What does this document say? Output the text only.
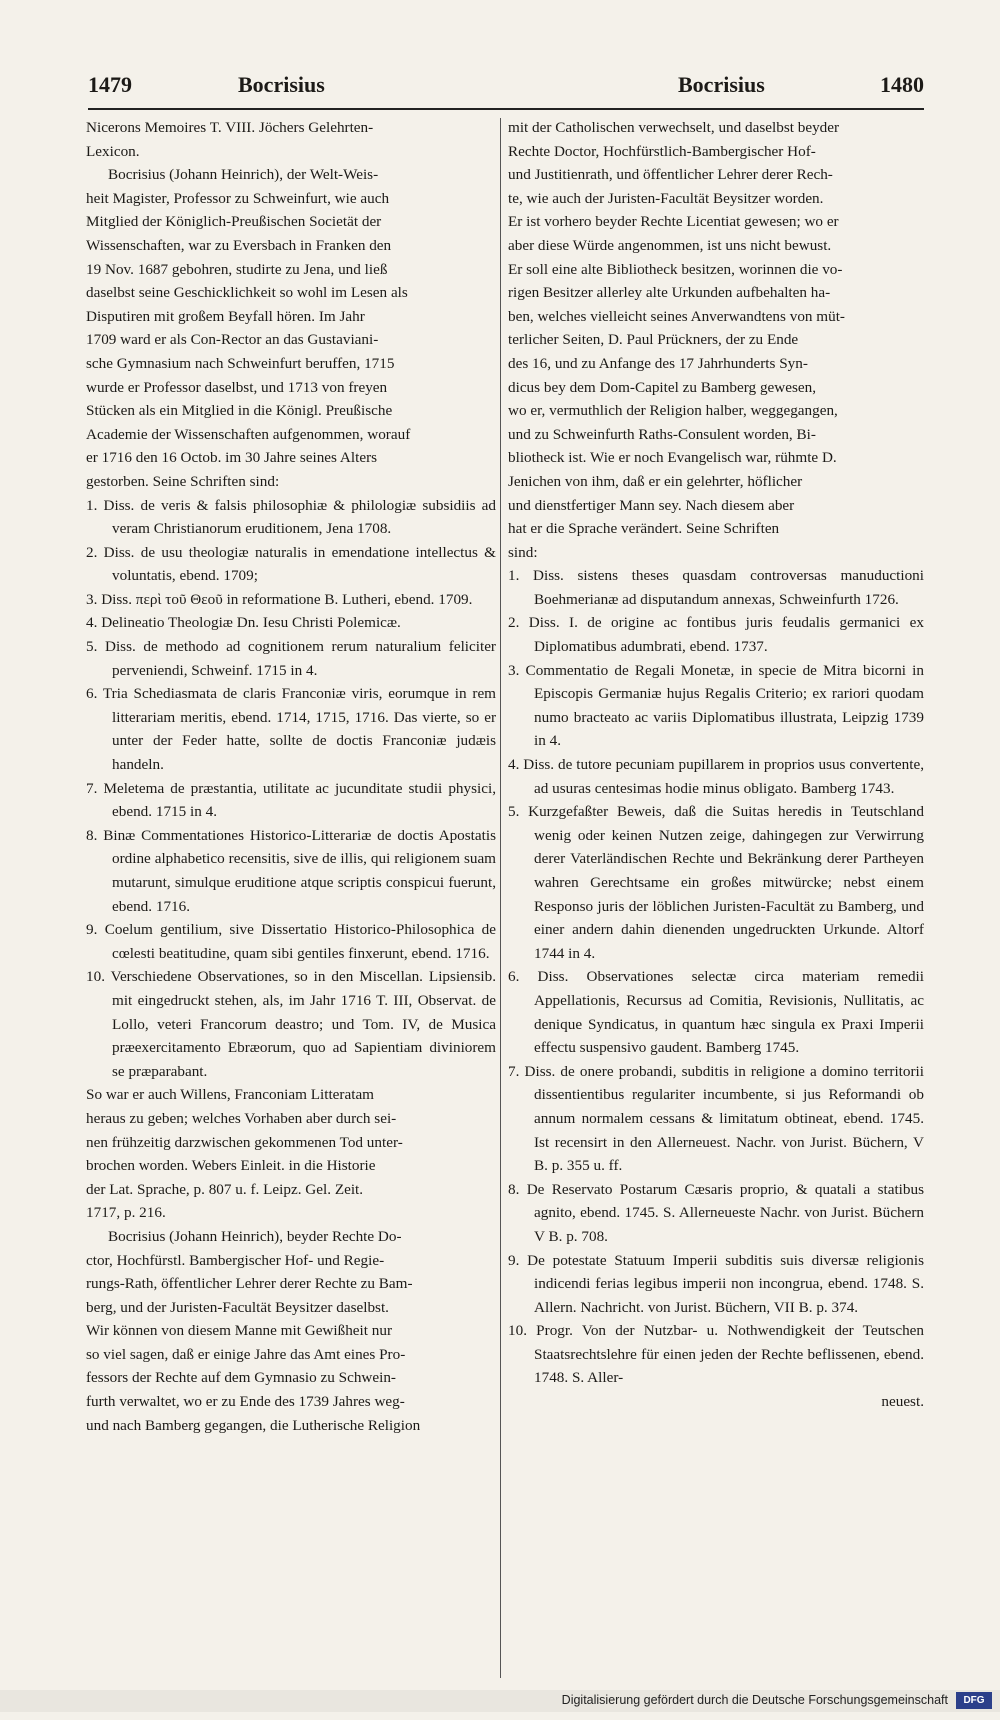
1479	Bocrisius	Bocrisius	1480
Nicerons Memoires T. VIII. Jöchers Gelehrten-
Lexicon.
Bocrisius (Johann Heinrich), der Welt-Weis-
heit Magister, Professor zu Schweinfurt, wie auch
Mitglied der Königlich-Preußischen Societät der
Wissenschaften, war zu Eversbach in Franken den
19 Nov. 1687 gebohren, studirte zu Jena, und ließ
daselbst seine Geschicklichkeit so wohl im Lesen als
Disputiren mit großem Beyfall hören. Im Jahr
1709 ward er als Con-Rector an das Gustaviani-
sche Gymnasium nach Schweinfurt beruffen, 1715
wurde er Professor daselbst, und 1713 von freyen
Stücken als ein Mitglied in die Königl. Preußische
Academie der Wissenschaften aufgenommen, worauf
er 1716 den 16 Octob. im 30 Jahre seines Alters
gestorben. Seine Schriften sind:
1. Diss. de veris & falsis philosophiæ & philologiæ subsidiis ad veram Christianorum eruditionem, Jena 1708.
2. Diss. de usu theologiæ naturalis in emendatione intellectus & voluntatis, ebend. 1709;
3. Diss. περὶ τοῦ Θεοῦ in reformatione B. Lutheri, ebend. 1709.
4. Delineatio Theologiæ Dn. Iesu Christi Polemicæ.
5. Diss. de methodo ad cognitionem rerum naturalium feliciter perveniendi, Schweinf. 1715 in 4.
6. Tria Schediasmata de claris Franconiæ viris, eorumque in rem litterariam meritis, ebend. 1714, 1715, 1716. Das vierte, so er unter der Feder hatte, sollte de doctis Franconiæ judæis handeln.
7. Meletema de præstantia, utilitate ac jucunditate studii physici, ebend. 1715 in 4.
8. Binæ Commentationes Historico-Litterariæ de doctis Apostatis ordine alphabetico recensitis, sive de illis, qui religionem suam mutarunt, simulque eruditione atque scriptis conspicui fuerunt, ebend. 1716.
9. Coelum gentilium, sive Dissertatio Historico-Philosophica de cœlesti beatitudine, quam sibi gentiles finxerunt, ebend. 1716.
10. Verschiedene Observationes, so in den Miscellan. Lipsiensib. mit eingedruckt stehen, als, im Jahr 1716 T. III, Observat. de Lollo, veteri Francorum deastro; und Tom. IV, de Musica præexercitamento Ebræorum, quo ad Sapientiam diviniorem se præparabant.
So war er auch Willens, Franconiam Litteratam
heraus zu geben; welches Vorhaben aber durch sei-
nen frühzeitig darzwischen gekommenen Tod unter-
brochen worden. Webers Einleit. in die Historie
der Lat. Sprache, p. 807 u. f. Leipz. Gel. Zeit.
1717, p. 216.
Bocrisius (Johann Heinrich), beyder Rechte Do-
ctor, Hochfürstl. Bambergischer Hof- und Regie-
rungs-Rath, öffentlicher Lehrer derer Rechte zu Bam-
berg, und der Juristen-Facultät Beysitzer daselbst.
Wir können von diesem Manne mit Gewißheit nur
so viel sagen, daß er einige Jahre das Amt eines Pro-
fessors der Rechte auf dem Gymnasio zu Schwein-
furth verwaltet, wo er zu Ende des 1739 Jahres weg-
und nach Bamberg gegangen, die Lutherische Religion
mit der Catholischen verwechselt, und daselbst beyder
Rechte Doctor, Hochfürstlich-Bambergischer Hof-
und Justitienrath, und öffentlicher Lehrer derer Rech-
te, wie auch der Juristen-Facultät Beysitzer worden.
Er ist vorhero beyder Rechte Licentiat gewesen; wo er
aber diese Würde angenommen, ist uns nicht bewust.
Er soll eine alte Bibliotheck besitzen, worinnen die vo-
rigen Besitzer allerley alte Urkunden aufbehalten ha-
ben, welches vielleicht seines Anverwandtens von müt-
terlicher Seiten, D. Paul Prückners, der zu Ende
des 16, und zu Anfange des 17 Jahrhunderts Syn-
dicus bey dem Dom-Capitel zu Bamberg gewesen,
wo er, vermuthlich der Religion halber, weggegangen,
und zu Schweinfurth Raths-Consulent worden, Bi-
bliotheck ist. Wie er noch Evangelisch war, rühmte D.
Jenichen von ihm, daß er ein gelehrter, höflicher
und dienstfertiger Mann sey. Nach diesem aber
hat er die Sprache verändert. Seine Schriften
sind:
1. Diss. sistens theses quasdam controversas manuductioni Boehmerianæ ad disputandum annexas, Schweinfurth 1726.
2. Diss. I. de origine ac fontibus juris feudalis germanici ex Diplomatibus adumbrati, ebend. 1737.
3. Commentatio de Regali Monetæ, in specie de Mitra bicorni in Episcopis Germaniæ hujus Regalis Criterio; ex rariori quodam numo bracteato ac variis Diplomatibus illustrata, Leipzig 1739 in 4.
4. Diss. de tutore pecuniam pupillarem in proprios usus convertente, ad usuras centesimas hodie minus obligato. Bamberg 1743.
5. Kurzgefaßter Beweis, daß die Suitas heredis in Teutschland wenig oder keinen Nutzen zeige, dahingegen zur Verwirrung derer Vaterländischen Rechte und Bekränkung derer Partheyen wahren Gerechtsame ein großes mitwürcke; nebst einem Responso juris der löblichen Juristen-Facultät zu Bamberg, und einer andern dahin dienenden ungedruckten Urkunde. Altorf 1744 in 4.
6. Diss. Observationes selectæ circa materiam remedii Appellationis, Recursus ad Comitia, Revisionis, Nullitatis, ac denique Syndicatus, in quantum hæc singula ex Praxi Imperii effectu suspensivo gaudent. Bamberg 1745.
7. Diss. de onere probandi, subditis in religione a domino territorii dissentientibus regulariter incumbente, si jus Reformandi ob annum normalem cessans & limitatum obtineat, ebend. 1745. Ist recensirt in den Allerneuest. Nachr. von Jurist. Büchern, V B. p. 355 u. ff.
8. De Reservato Postarum Cæsaris proprio, & quatali a statibus agnito, ebend. 1745. S. Allerneueste Nachr. von Jurist. Büchern V B. p. 708.
9. De potestate Statuum Imperii subditis suis diversæ religionis indicendi ferias legibus imperii non incongrua, ebend. 1748. S. Allern. Nachricht. von Jurist. Büchern, VII B. p. 374.
10. Progr. Von der Nutzbar- u. Nothwendigkeit der Teutschen Staatsrechtslehre für einen jeden der Rechte beflissenen, ebend. 1748. S. Aller-
neuest.
Digitalisierung gefördert durch die Deutsche Forschungsgemeinschaft	DFG
